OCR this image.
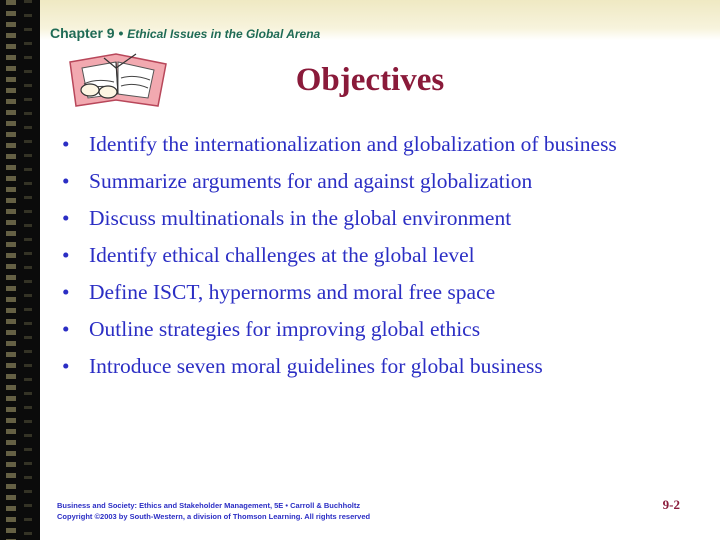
Chapter 9 • Ethical Issues in the Global Arena
Objectives
• Identify the internationalization and globalization of business
• Summarize arguments for and against globalization
• Discuss multinationals in the global environment
• Identify ethical challenges at the global level
• Define ISCT, hypernorms and moral free space
• Outline strategies for improving global ethics
• Introduce seven moral guidelines for global business
Business and Society: Ethics and Stakeholder Management, 5E • Carroll & Buchholtz
Copyright ©2003 by South-Western, a division of Thomson Learning. All rights reserved
9-2
